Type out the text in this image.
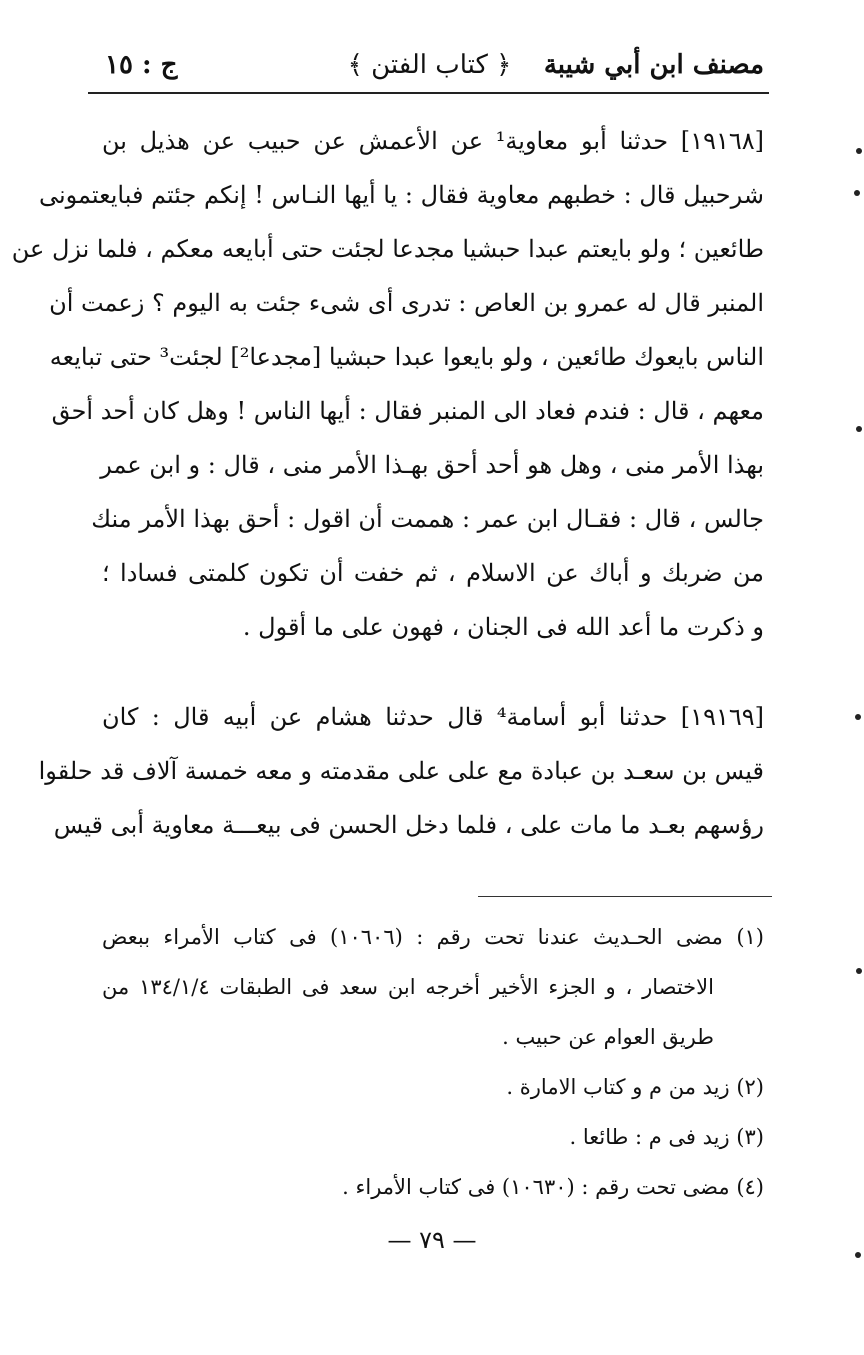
مصنف ابن أبي شيبة
﴿ كتاب الفتن ﴾
ج : ١٥
[١٩١٦٨] حدثنا أبو معاوية¹ عن الأعمش عن حبيب عن هذيل بن
شرحبيل قال : خطبهم معاوية فقال : يا أيها النـاس ! إنكم جئتم فبايعتمونى
طائعين ؛ ولو بايعتم عبدا حبشيا مجدعا لجئت حتى أبايعه معكم ، فلما نزل عن
المنبر قال له عمرو بن العاص : تدرى أى شىء جئت به اليوم ؟ زعمت أن
الناس بايعوك طائعين ، ولو بايعوا عبدا حبشيا [مجدعا²] لجئت³ حتى تبايعه
معهم ، قال : فندم فعاد الى المنبر فقال : أيها الناس ! وهل كان أحد أحق
بهذا الأمر منى ، وهل هو أحد أحق بهـذا الأمر منى ، قال : و ابن عمر
جالس ، قال : فقـال ابن عمر : هممت أن اقول : أحق بهذا الأمر منك
من ضربك و أباك عن الاسلام ، ثم خفت أن تكون كلمتى فسادا ؛
و ذكرت ما أعد الله فى الجنان ، فهون على ما أقول .
[١٩١٦٩] حدثنا أبو أسامة⁴ قال حدثنا هشام عن أبيه قال : كان
قيس بن سعـد بن عبادة مع على على مقدمته و معه خمسة آلاف قد حلقوا
رؤسهم بعـد ما مات على ، فلما دخل الحسن فى بيعـــة معاوية أبى قيس
(١) مضى الحـديث عندنا تحت رقم : (١٠٦٠٦) فى كتاب الأمراء ببعض
الاختصار ، و الجزء الأخير أخرجه ابن سعد فى الطبقات ١٣٤/١/٤ من
طريق العوام عن حبيب .
(٢) زيد من م و كتاب الامارة .
(٣) زيد فى م : طائعا .
(٤) مضى تحت رقم : (١٠٦٣٠) فى كتاب الأمراء .
— ٧٩ —
